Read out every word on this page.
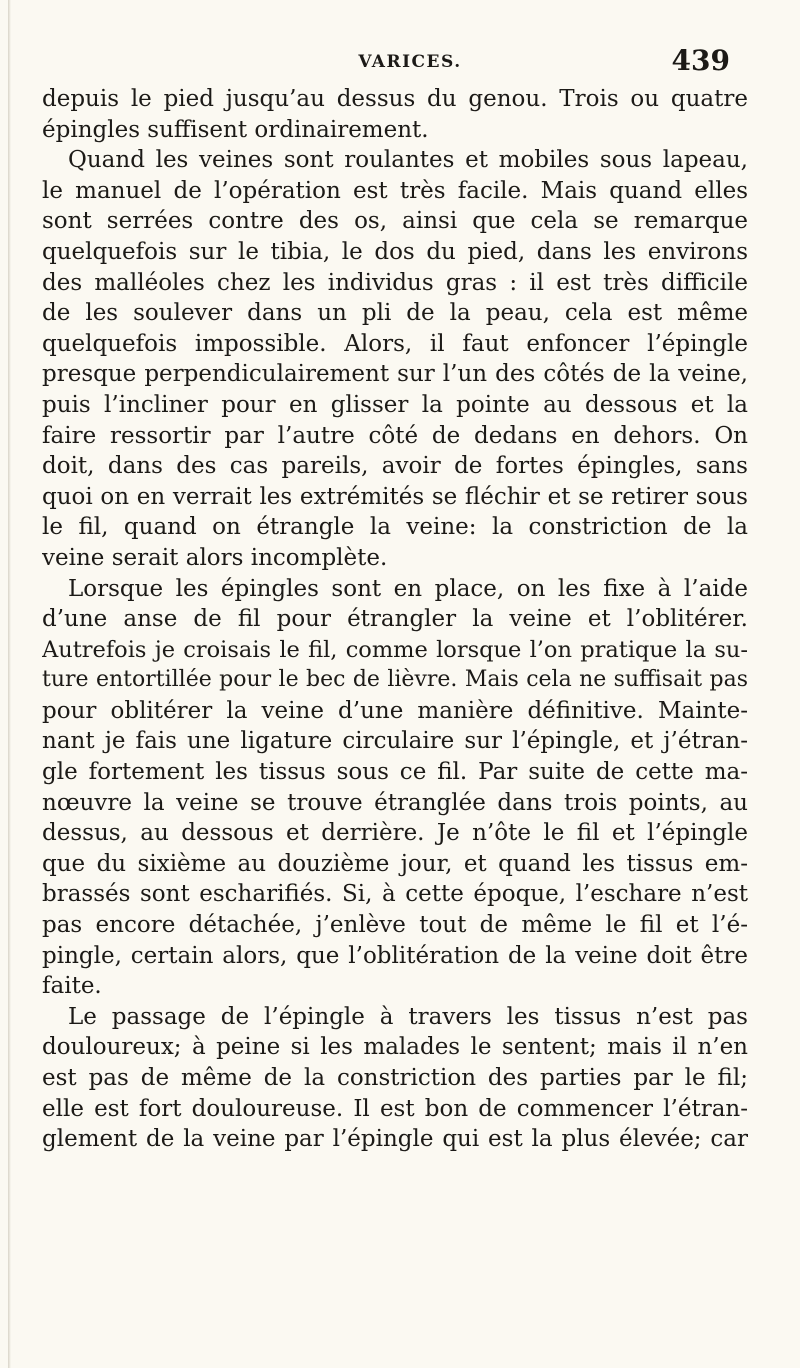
VARICES.	439
depuis le pied jusqu’au dessus du genou. Trois ou quatre
épingles suffisent ordinairement.
Quand les veines sont roulantes et mobiles sous lapeau,
le manuel de l’opération est très facile. Mais quand elles
sont serrées contre des os, ainsi que cela se remarque
quelquefois sur le tibia, le dos du pied, dans les environs
des malléoles chez les individus gras : il est très difficile
de les soulever dans un pli de la peau, cela est même
quelquefois impossible. Alors, il faut enfoncer l’épingle
presque perpendiculairement sur l’un des côtés de la veine,
puis l’incliner pour en glisser la pointe au dessous et la
faire ressortir par l’autre côté de dedans en dehors. On
doit, dans des cas pareils, avoir de fortes épingles, sans
quoi on en verrait les extrémités se fléchir et se retirer sous
le fil, quand on étrangle la veine: la constriction de la
veine serait alors incomplète.
Lorsque les épingles sont en place, on les fixe à l’aide
d’une anse de fil pour étrangler la veine et l’oblitérer.
Autrefois je croisais le fil, comme lorsque l’on pratique la su-
ture entortillée pour le bec de lièvre. Mais cela ne suffisait pas
pour oblitérer la veine d’une manière définitive. Mainte-
nant je fais une ligature circulaire sur l’épingle, et j’étran-
gle fortement les tissus sous ce fil. Par suite de cette ma-
nœuvre la veine se trouve étranglée dans trois points, au
dessus, au dessous et derrière. Je n’ôte le fil et l’épingle
que du sixième au douzième jour, et quand les tissus em-
brassés sont escharifiés. Si, à cette époque, l’eschare n’est
pas encore détachée, j’enlève tout de même le fil et l’é-
pingle, certain alors, que l’oblitération de la veine doit être
faite.
Le passage de l’épingle à travers les tissus n’est pas
douloureux; à peine si les malades le sentent; mais il n’en
est pas de même de la constriction des parties par le fil;
elle est fort douloureuse. Il est bon de commencer l’étran-
glement de la veine par l’épingle qui est la plus élevée; car
